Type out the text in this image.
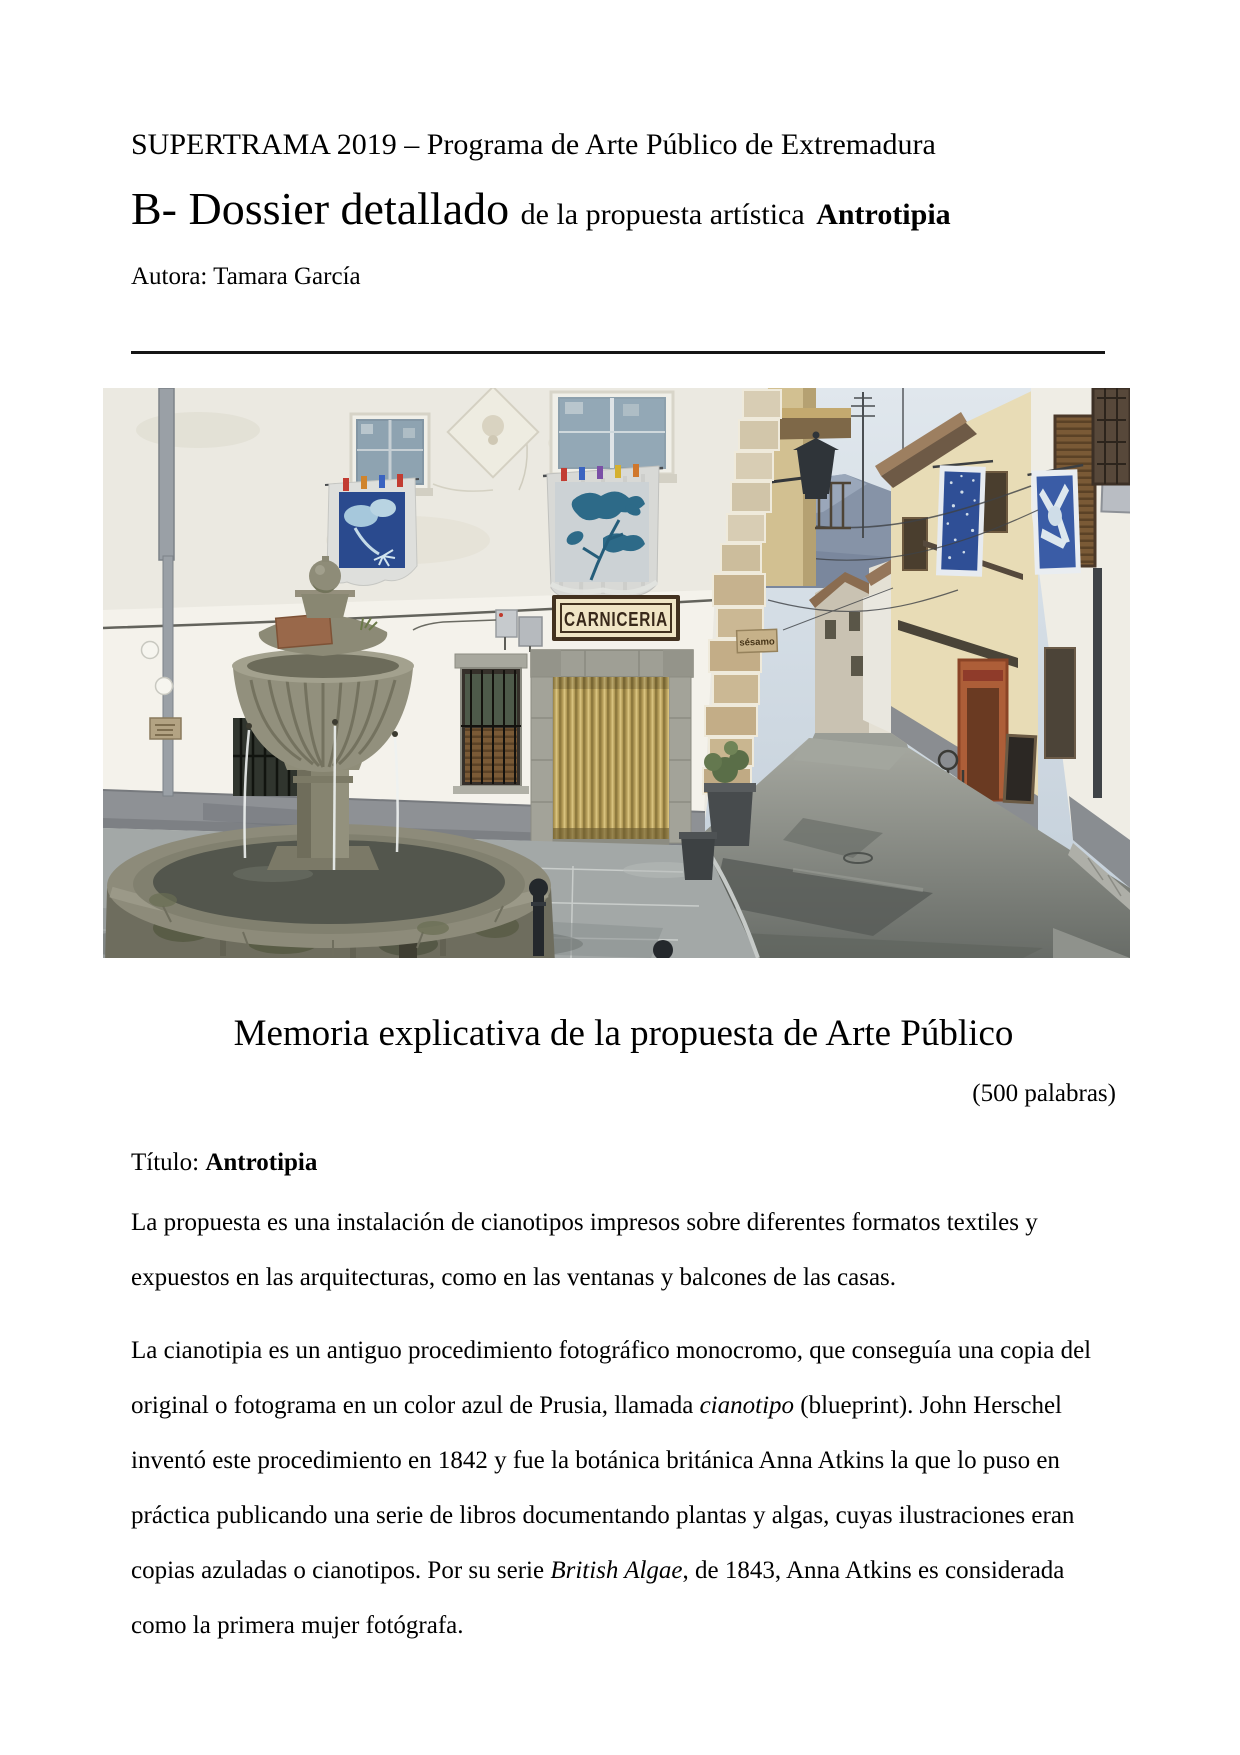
SUPERTRAMA 2019 – Programa de Arte Público de Extremadura

B- Dossier detallado de la propuesta artística Antrotipia

Autora: Tamara García

sésamo
CARNICERIA
Memoria explicativa de la propuesta de Arte Público

(500 palabras)

Título: Antrotipia

La propuesta es una instalación de cianotipos impresos sobre diferentes formatos textiles y expuestos en las arquitecturas, como en las ventanas y balcones de las casas.

La cianotipia es un antiguo procedimiento fotográfico monocromo, que conseguía una copia del original o fotograma en un color azul de Prusia, llamada cianotipo (blueprint). John Herschel inventó este procedimiento en 1842 y fue la botánica británica Anna Atkins la que lo puso en práctica publicando una serie de libros documentando plantas y algas, cuyas ilustraciones eran copias azuladas o cianotipos. Por su serie British Algae, de 1843, Anna Atkins es considerada como la primera mujer fotógrafa.
